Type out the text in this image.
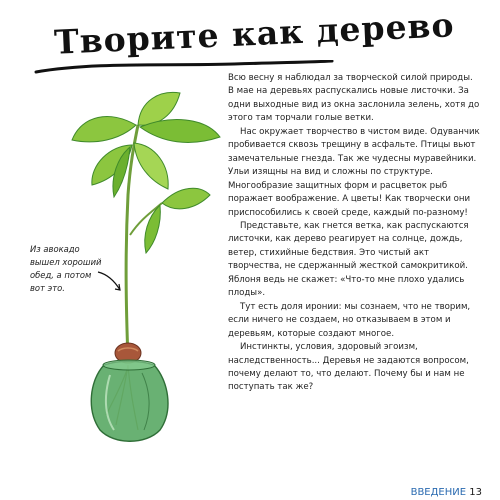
Творите как дерево
Из авокадо вышел хороший обед, а потом вот это.

Всю весну я наблюдал за творческой силой природы. В мае на деревьях распускались новые листочки. За одни выходные вид из окна заслонила зелень, хотя до этого там торчали голые ветки.

Нас окружает творчество в чистом виде. Одуванчик пробивается сквозь трещину в асфальте. Птицы вьют замечательные гнезда. Так же чудесны муравейники. Ульи изящны на вид и сложны по структуре. Многообразие защитных форм и расцветок рыб поражает воображение. А цветы! Как творчески они приспособились к своей среде, каждый по-разному!

Представьте, как гнется ветка, как распускаются листочки, как дерево реагирует на солнце, дождь, ветер, стихийные бедствия. Это чистый акт творчества, не сдержанный жесткой самокритикой. Яблоня ведь не скажет: «Что-то мне плохо удались плоды».

Тут есть доля иронии: мы сознаем, что не творим, если ничего не создаем, но отказываем в этом и деревьям, которые создают многое.

Инстинкты, условия, здоровый эгоизм, наследственность... Деревья не задаются вопросом, почему делают то, что делают. Почему бы и нам не поступать так же?

ВВЕДЕНИЕ 13
